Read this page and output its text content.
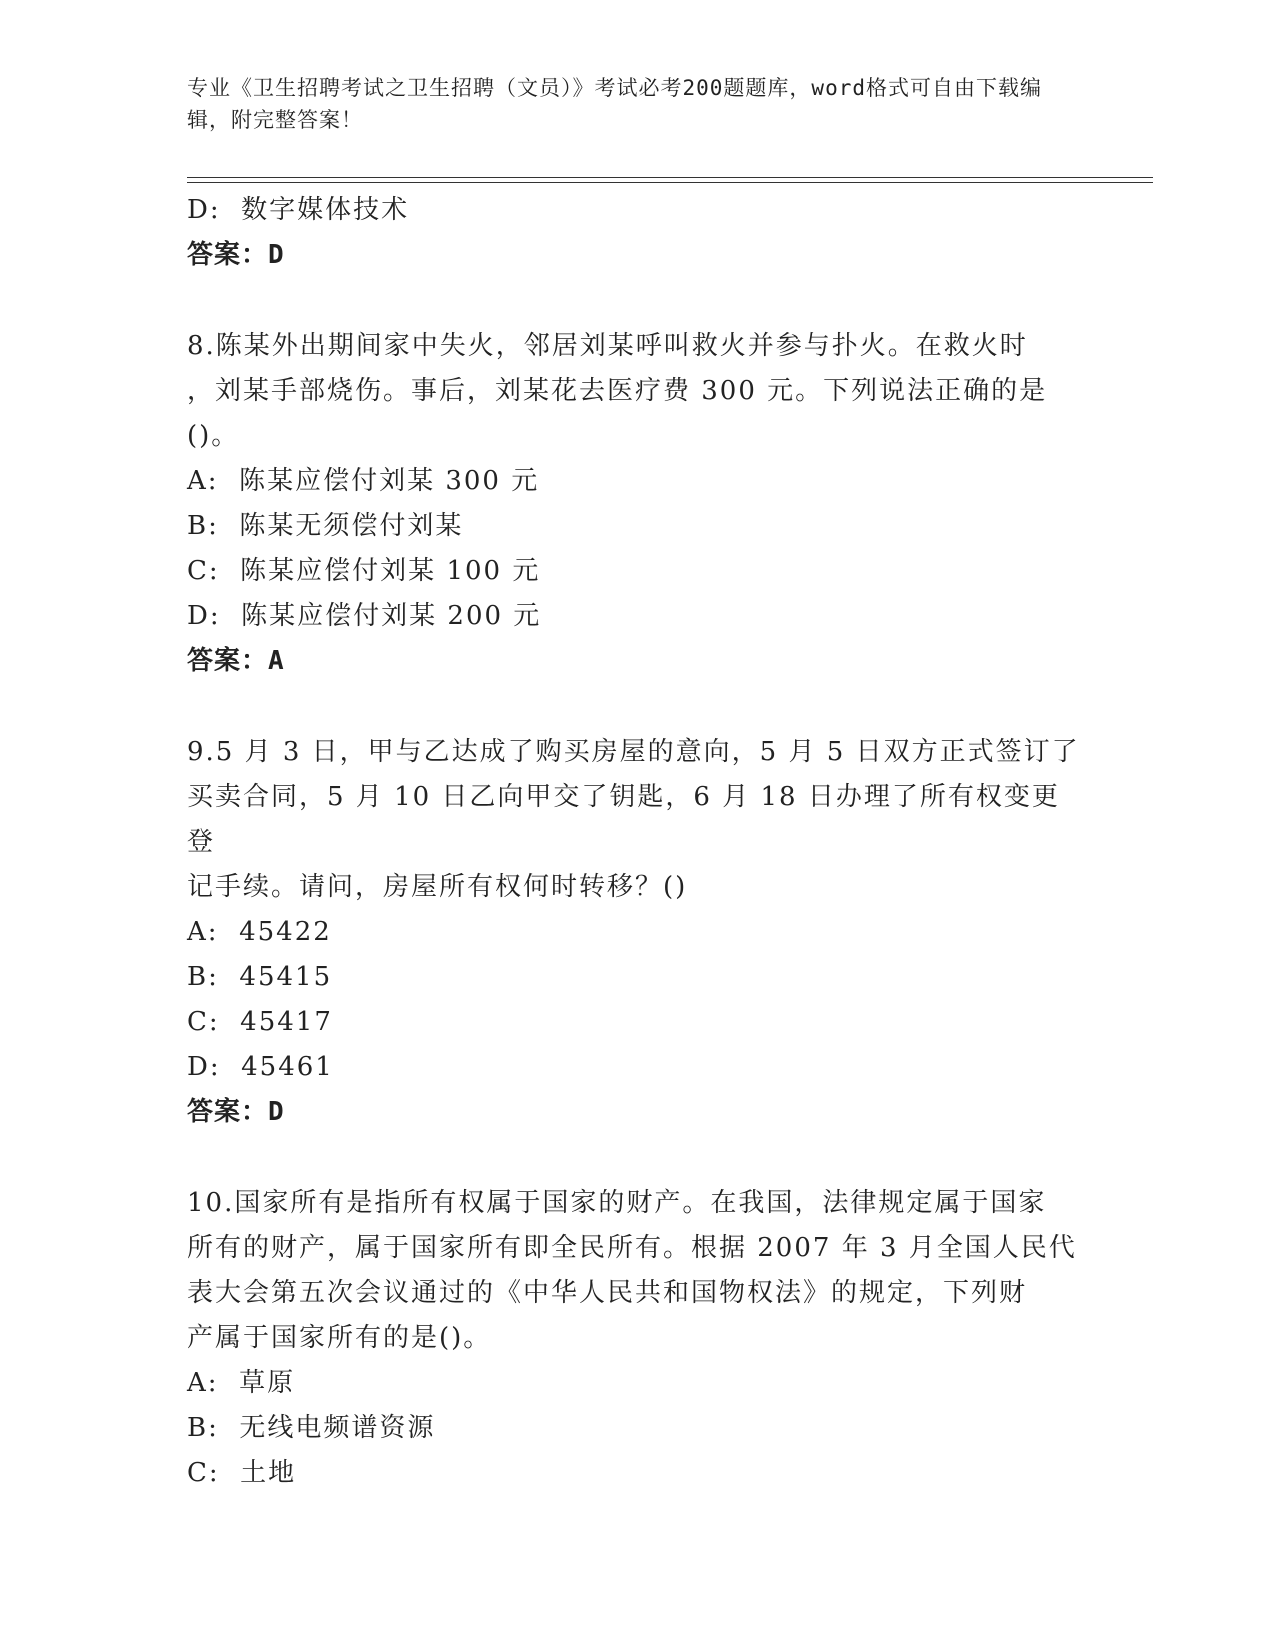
专业《卫生招聘考试之卫生招聘（文员）》考试必考200题题库，word格式可自由下载编辑，附完整答案！
D:  数字媒体技术
答案：D
8.陈某外出期间家中失火，邻居刘某呼叫救火并参与扑火。在救火时
，刘某手部烧伤。事后，刘某花去医疗费 300 元。下列说法正确的是
()。
A:  陈某应偿付刘某 300 元
B:  陈某无须偿付刘某
C:  陈某应偿付刘某 100 元
D:  陈某应偿付刘某 200 元
答案：A
9.5 月 3 日，甲与乙达成了购买房屋的意向，5 月 5 日双方正式签订了
买卖合同，5 月 10 日乙向甲交了钥匙，6 月 18 日办理了所有权变更登
记手续。请问，房屋所有权何时转移？()
A:  45422
B:  45415
C:  45417
D:  45461
答案：D
10.国家所有是指所有权属于国家的财产。在我国，法律规定属于国家
所有的财产，属于国家所有即全民所有。根据 2007 年 3 月全国人民代
表大会第五次会议通过的《中华人民共和国物权法》的规定，下列财
产属于国家所有的是()。
A:  草原
B:  无线电频谱资源
C:  土地
